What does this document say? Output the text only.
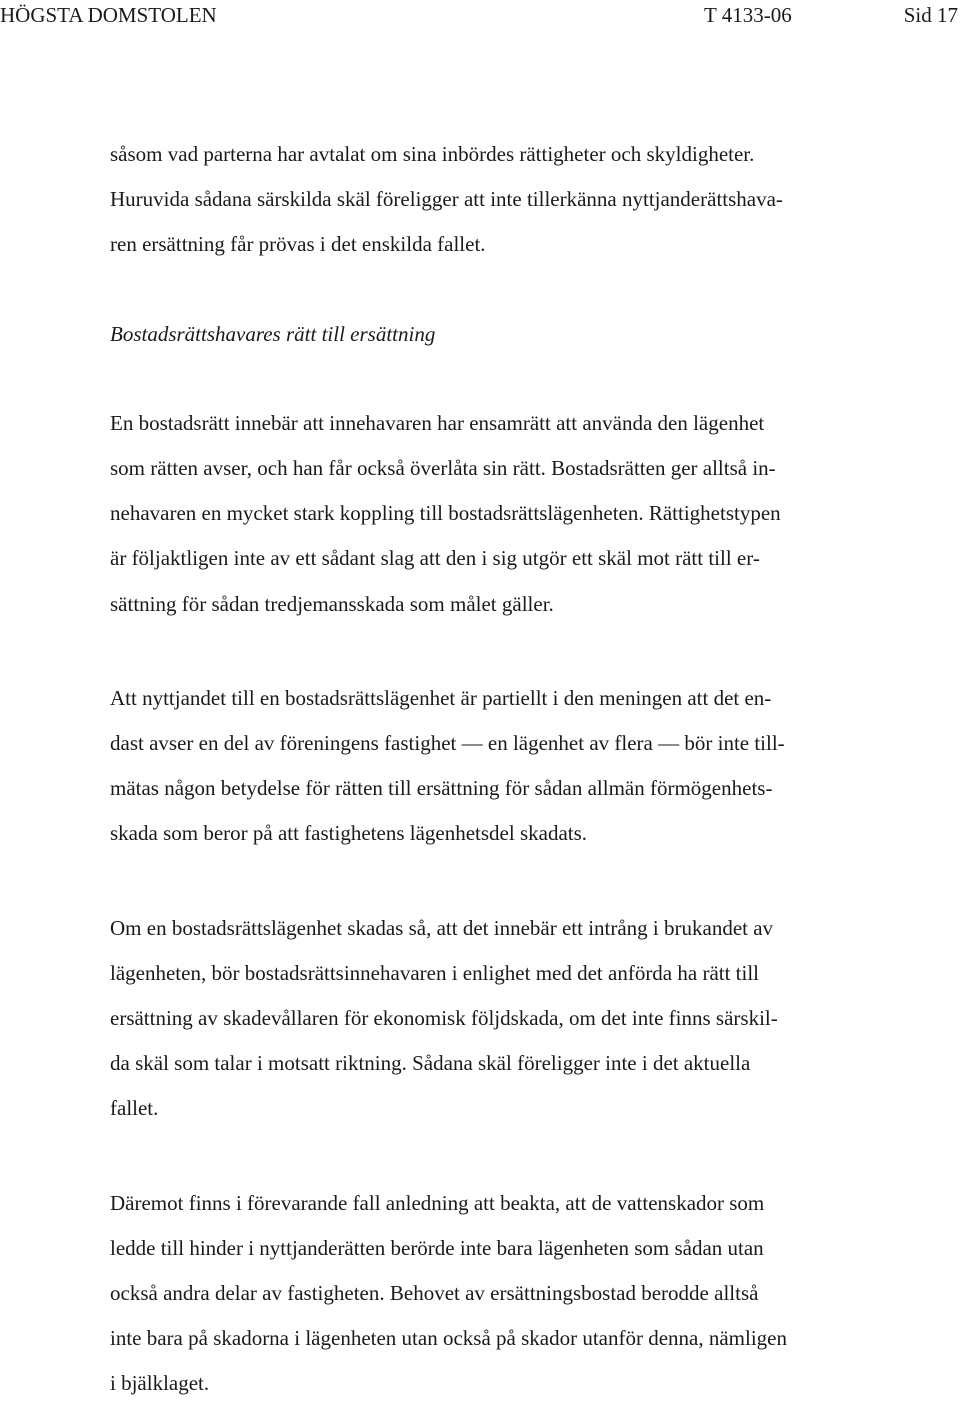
HÖGSTA DOMSTOLEN	T 4133-06	Sid 17

såsom vad parterna har avtalat om sina inbördes rättigheter och skyldigheter.
Huruvida sådana särskilda skäl föreligger att inte tillerkänna nyttjanderättshava-
ren ersättning får prövas i det enskilda fallet.

Bostadsrättshavares rätt till ersättning

En bostadsrätt innebär att innehavaren har ensamrätt att använda den lägenhet
som rätten avser, och han får också överlåta sin rätt. Bostadsrätten ger alltså in-
nehavaren en mycket stark koppling till bostadsrättslägenheten. Rättighetstypen
är följaktligen inte av ett sådant slag att den i sig utgör ett skäl mot rätt till er-
sättning för sådan tredjemansskada som målet gäller.

Att nyttjandet till en bostadsrättslägenhet är partiellt i den meningen att det en-
dast avser en del av föreningens fastighet — en lägenhet av flera — bör inte till-
mätas någon betydelse för rätten till ersättning för sådan allmän förmögenhets-
skada som beror på att fastighetens lägenhetsdel skadats.

Om en bostadsrättslägenhet skadas så, att det innebär ett intrång i brukandet av
lägenheten, bör bostadsrättsinnehavaren i enlighet med det anförda ha rätt till
ersättning av skadevållaren för ekonomisk följdskada, om det inte finns särskil-
da skäl som talar i motsatt riktning. Sådana skäl föreligger inte i det aktuella
fallet.

Däremot finns i förevarande fall anledning att beakta, att de vattenskador som
ledde till hinder i nyttjanderätten berörde inte bara lägenheten som sådan utan
också andra delar av fastigheten. Behovet av ersättningsbostad berodde alltså
inte bara på skadorna i lägenheten utan också på skador utanför denna, nämligen
i bjälklaget.
